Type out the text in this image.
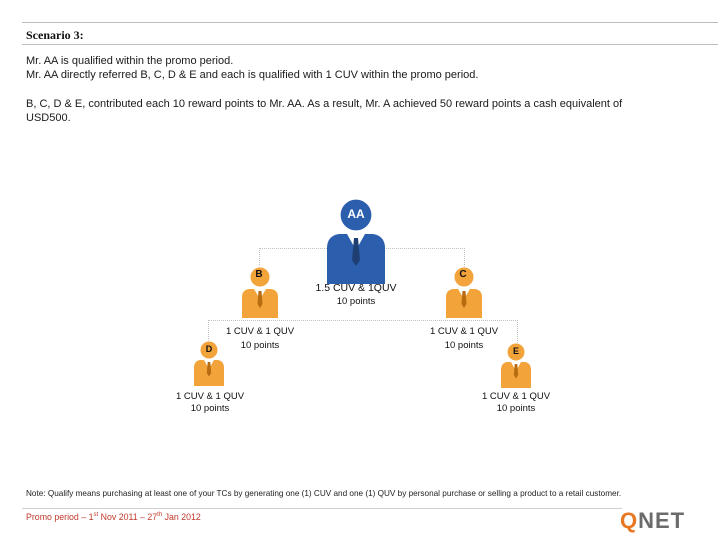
Scenario 3:
Mr. AA is qualified within the promo period.
Mr. AA directly referred B, C, D & E and each is qualified with 1 CUV within the promo period.
B, C, D & E, contributed each 10 reward points to Mr. AA. As a result, Mr. A achieved 50 reward points a cash equivalent of
USD500.
AA
1.5 CUV & 1QUV
10 points
B
1 CUV & 1 QUV
10 points
C
1 CUV & 1 QUV
10 points
D
1 CUV & 1 QUV
10 points
E
1 CUV & 1 QUV
10 points
Note: Qualify means purchasing at least one of your TCs by generating one (1) CUV and one (1) QUV by personal purchase or selling a product to a retail customer.
Promo period – 1st Nov 2011 – 27th Jan 2012	QNET
